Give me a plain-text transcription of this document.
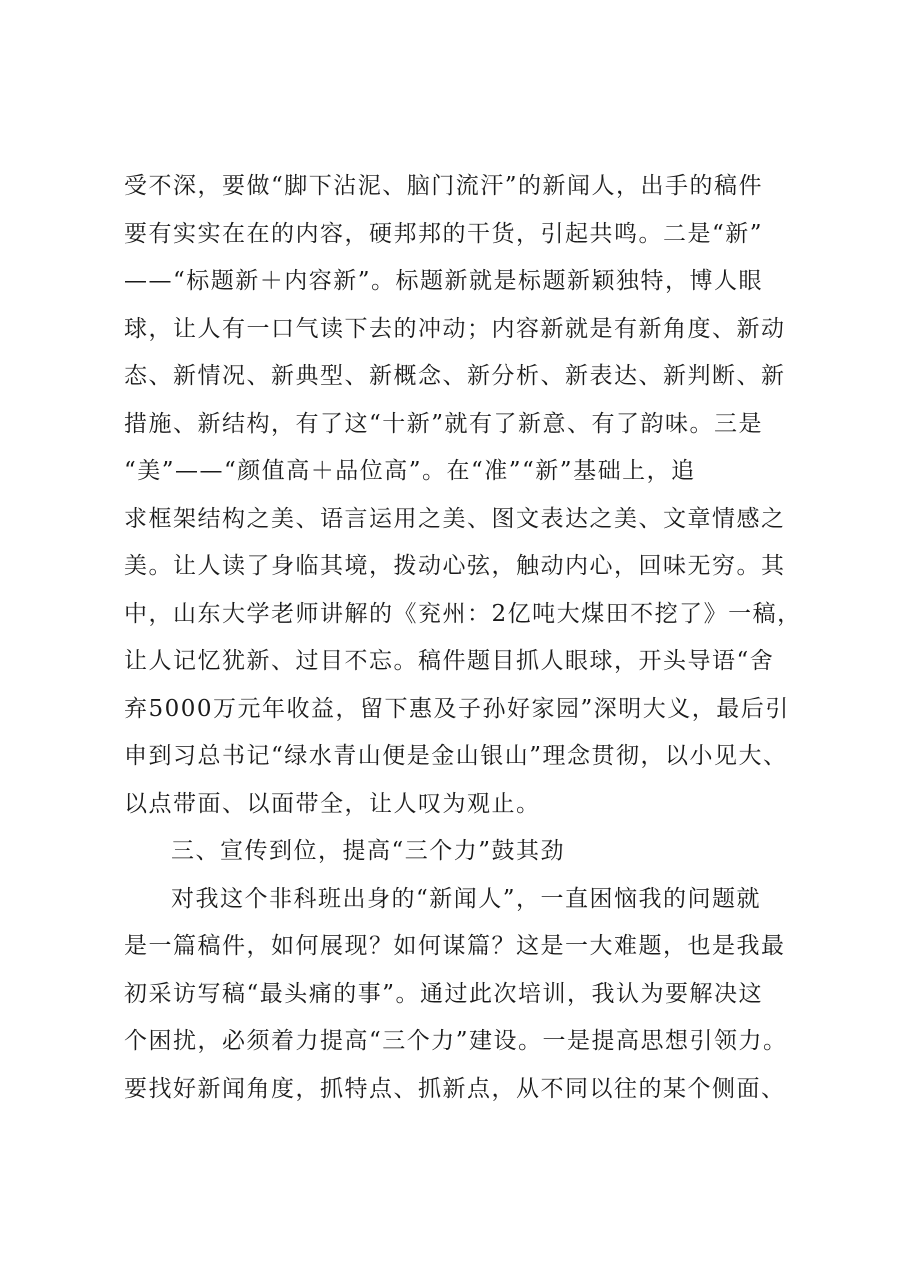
受不深，要做“脚下沾泥、脑门流汗”的新闻人，出手的稿件
要有实实在在的内容，硬邦邦的干货，引起共鸣。二是“新”
——“标题新＋内容新”。标题新就是标题新颖独特，博人眼
球，让人有一口气读下去的冲动；内容新就是有新角度、新动
态、新情况、新典型、新概念、新分析、新表达、新判断、新
措施、新结构，有了这“十新”就有了新意、有了韵味。三是
“美”——“颜值高＋品位高”。在“准”“新”基础上，追
求框架结构之美、语言运用之美、图文表达之美、文章情感之
美。让人读了身临其境，拨动心弦，触动内心，回味无穷。其
中，山东大学老师讲解的《兖州：2亿吨大煤田不挖了》一稿，
让人记忆犹新、过目不忘。稿件题目抓人眼球，开头导语“舍
弃5000万元年收益，留下惠及子孙好家园”深明大义，最后引
申到习总书记“绿水青山便是金山银山”理念贯彻，以小见大、
以点带面、以面带全，让人叹为观止。
三、宣传到位，提高“三个力”鼓其劲
对我这个非科班出身的“新闻人”，一直困恼我的问题就
是一篇稿件，如何展现？如何谋篇？这是一大难题，也是我最
初采访写稿“最头痛的事”。通过此次培训，我认为要解决这
个困扰，必须着力提高“三个力”建设。一是提高思想引领力。
要找好新闻角度，抓特点、抓新点，从不同以往的某个侧面、
